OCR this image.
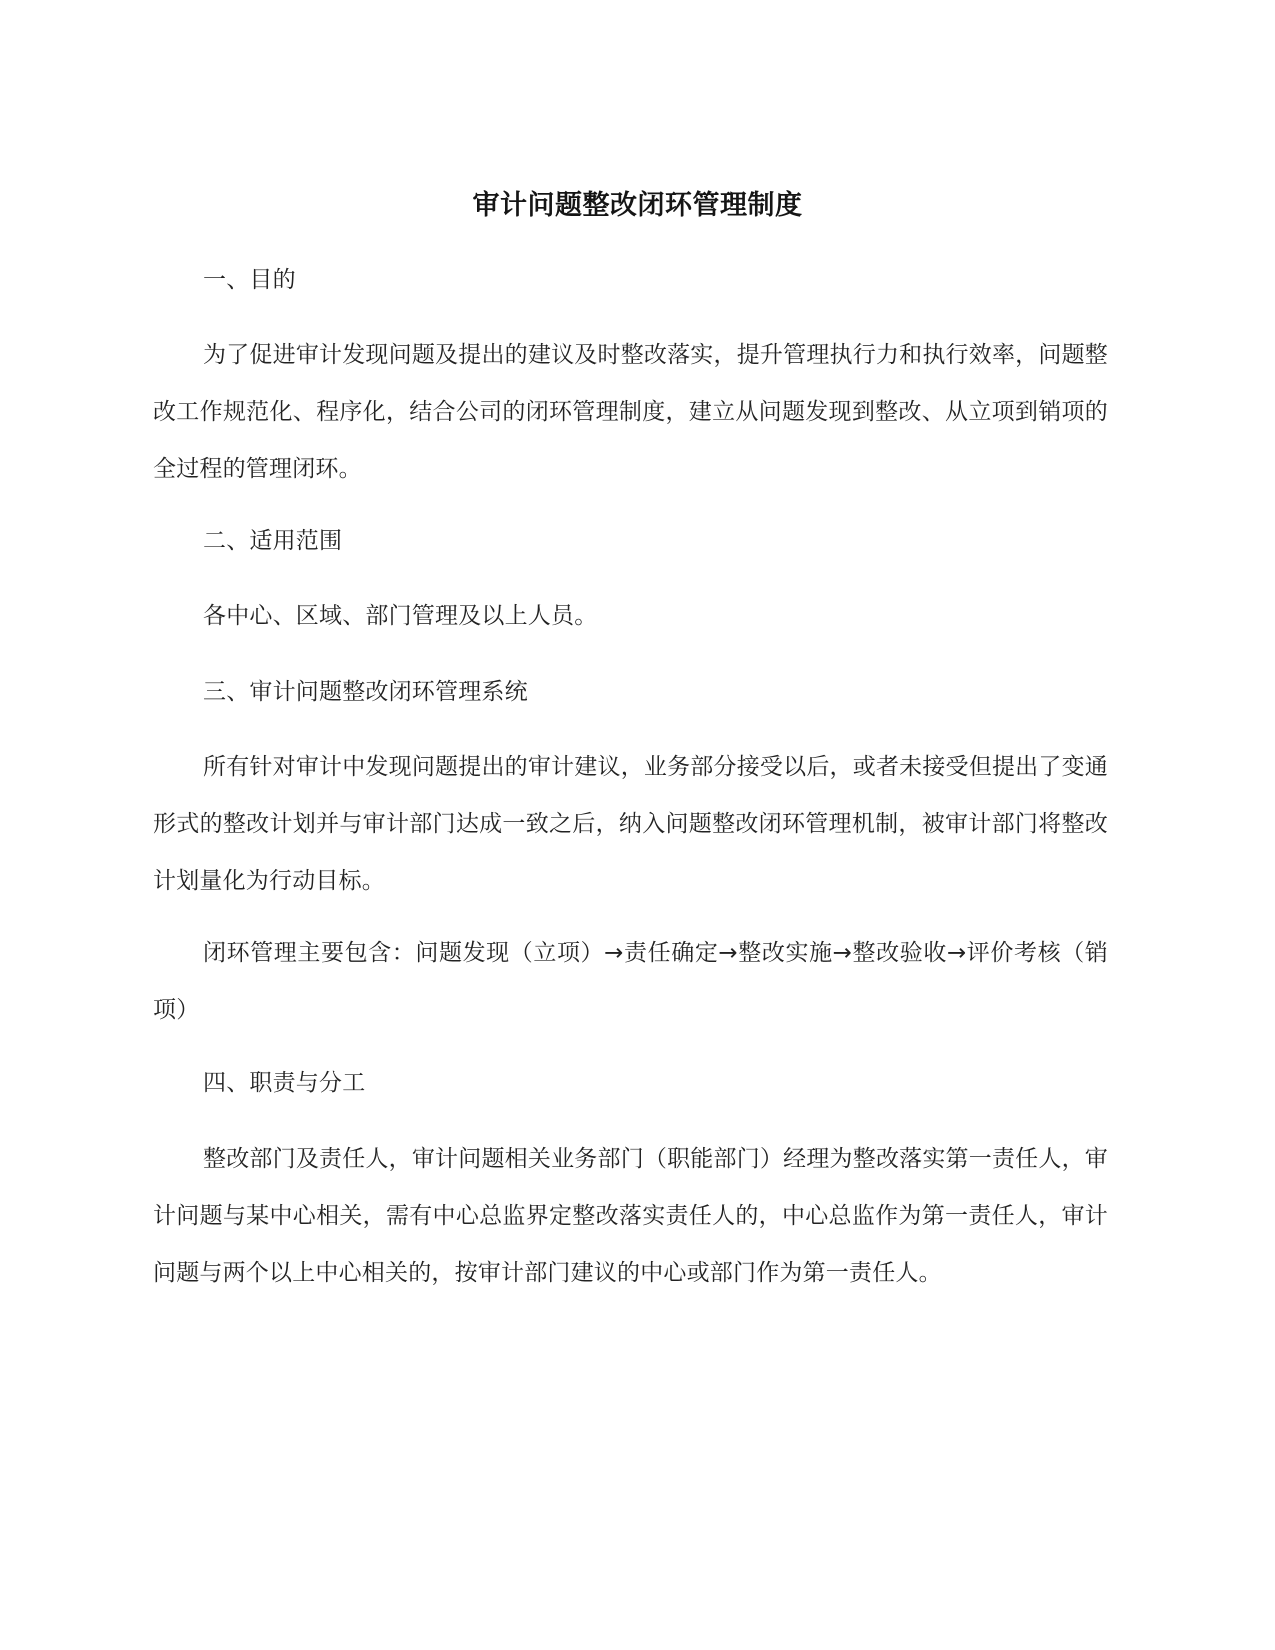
审计问题整改闭环管理制度

一、目的

为了促进审计发现问题及提出的建议及时整改落实，提升管理执行力和执行效率，问题整改工作规范化、程序化，结合公司的闭环管理制度，建立从问题发现到整改、从立项到销项的全过程的管理闭环。

二、适用范围

各中心、区域、部门管理及以上人员。

三、审计问题整改闭环管理系统

所有针对审计中发现问题提出的审计建议，业务部分接受以后，或者未接受但提出了变通形式的整改计划并与审计部门达成一致之后，纳入问题整改闭环管理机制，被审计部门将整改计划量化为行动目标。

闭环管理主要包含：问题发现（立项）→责任确定→整改实施→整改验收→评价考核（销项）

四、职责与分工

整改部门及责任人，审计问题相关业务部门（职能部门）经理为整改落实第一责任人，审计问题与某中心相关，需有中心总监界定整改落实责任人的，中心总监作为第一责任人，审计问题与两个以上中心相关的，按审计部门建议的中心或部门作为第一责任人。
